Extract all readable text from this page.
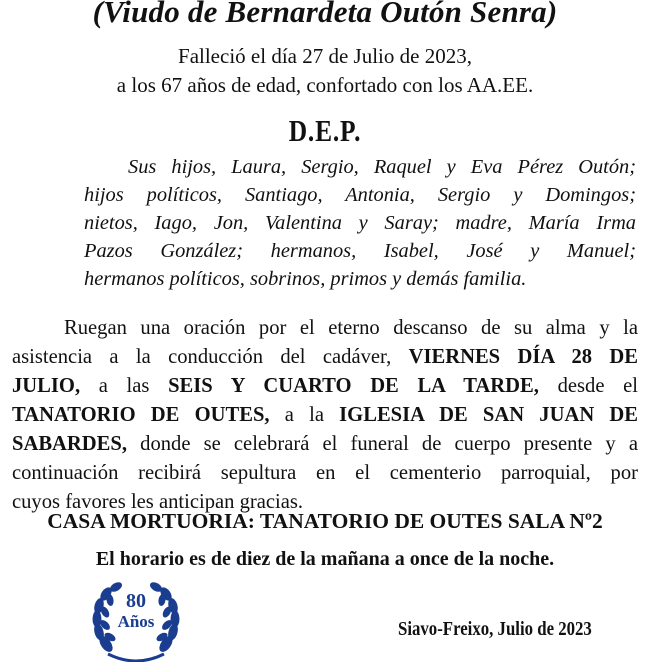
(Viudo de Bernardeta Outón Senra)
Falleció el día 27 de Julio de 2023,
a los 67 años de edad, confortado con los AA.EE.
D.E.P.
Sus hijos, Laura, Sergio, Raquel y Eva Pérez Outón;
hijos políticos, Santiago, Antonia, Sergio y Domingos;
nietos, Iago, Jon, Valentina y Saray; madre, María Irma
Pazos González; hermanos, Isabel, José y Manuel;
hermanos políticos, sobrinos, primos y demás familia.
Ruegan una oración por el eterno descanso de su alma y la
asistencia a la conducción del cadáver, VIERNES DÍA 28 DE
JULIO, a las SEIS Y CUARTO DE LA TARDE, desde el
TANATORIO DE OUTES, a la IGLESIA DE SAN JUAN DE
SABARDES, donde se celebrará el funeral de cuerpo presente y a
continuación recibirá sepultura en el cementerio parroquial, por
cuyos favores les anticipan gracias.
CASA MORTUORIA: TANATORIO DE OUTES SALA Nº2
El horario es de diez de la mañana a once de la noche.
80
Años	Siavo-Freixo, Julio de 2023
